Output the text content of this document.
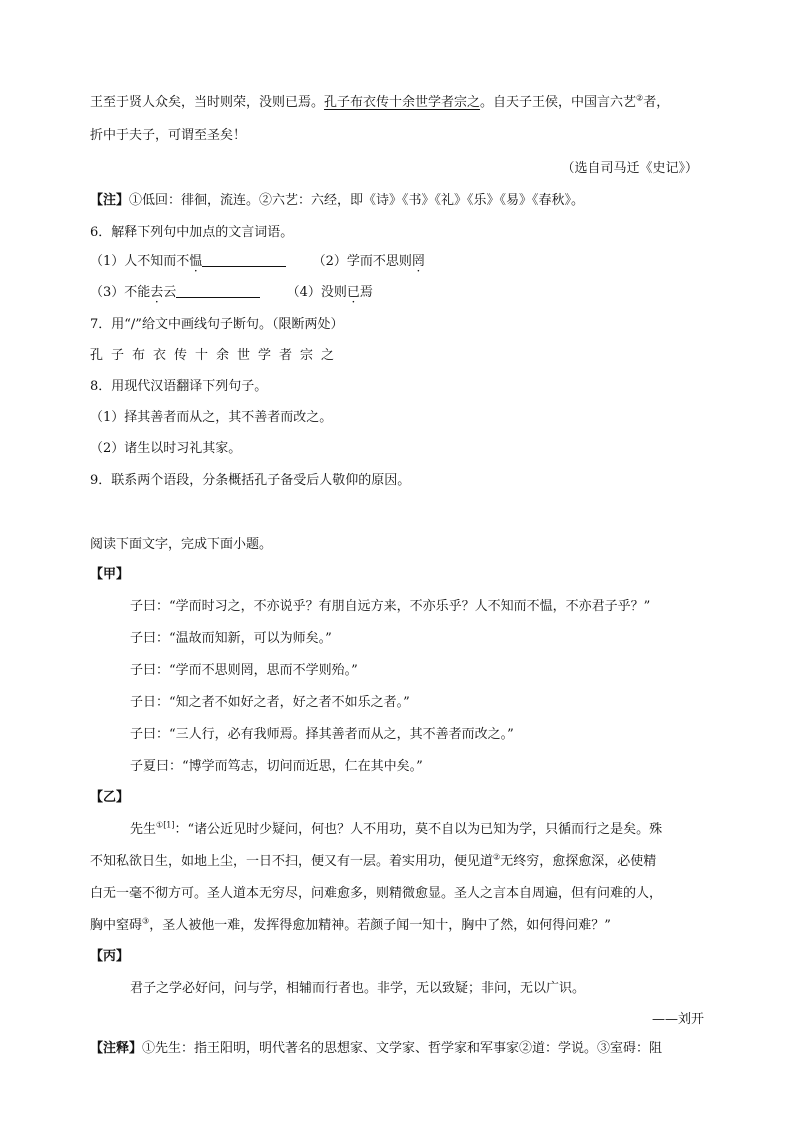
王至于贤人众矣，当时则荣，没则已焉。孔子布衣传十余世学者宗之。自天子王侯，中国言六艺②者，
折中于夫子，可谓至圣矣！
（选自司马迁《史记》）
【注】①低回：徘徊，流连。②六艺：六经，即《诗》《书》《礼》《乐》《易》《春秋》。
6．解释下列句中加点的文言词语。
（1）人不知而不愠	（2）学而不思则罔
（3）不能去云	（4）没则已焉
7．用“/”给文中画线句子断句。（限断两处）
孔子布衣传十余世学者宗之
8．用现代汉语翻译下列句子。
（1）择其善者而从之，其不善者而改之。
（2）诸生以时习礼其家。
9．联系两个语段，分条概括孔子备受后人敬仰的原因。
阅读下面文字，完成下面小题。
【甲】
子曰：“学而时习之，不亦说乎？有朋自远方来，不亦乐乎？人不知而不愠，不亦君子乎？”
子曰：“温故而知新，可以为师矣。”
子曰：“学而不思则罔，思而不学则殆。”
子日：“知之者不如好之者，好之者不如乐之者。”
子曰：“三人行，必有我师焉。择其善者而从之，其不善者而改之。”
子夏曰：“博学而笃志，切问而近思，仁在其中矣。”
【乙】
先生$^{①[1]}$：“诸公近见时少疑问，何也？人不用功，莫不自以为已知为学，只循而行之是矣。殊
不知私欲日生，如地上尘，一日不扫，便又有一层。着实用功，便见道②无终穷，愈探愈深，必使精
白无一毫不彻方可。圣人道本无穷尽，问难愈多，则精微愈显。圣人之言本自周遍，但有问难的人，
胸中窒碍③，圣人被他一难，发挥得愈加精神。若颜子闻一知十，胸中了然，如何得问难？”
【丙】
君子之学必好问，问与学，相辅而行者也。非学，无以致疑；非问，无以广识。
——刘开
【注释】①先生：指王阳明，明代著名的思想家、文学家、哲学家和军事家②道：学说。③室碍：阻
